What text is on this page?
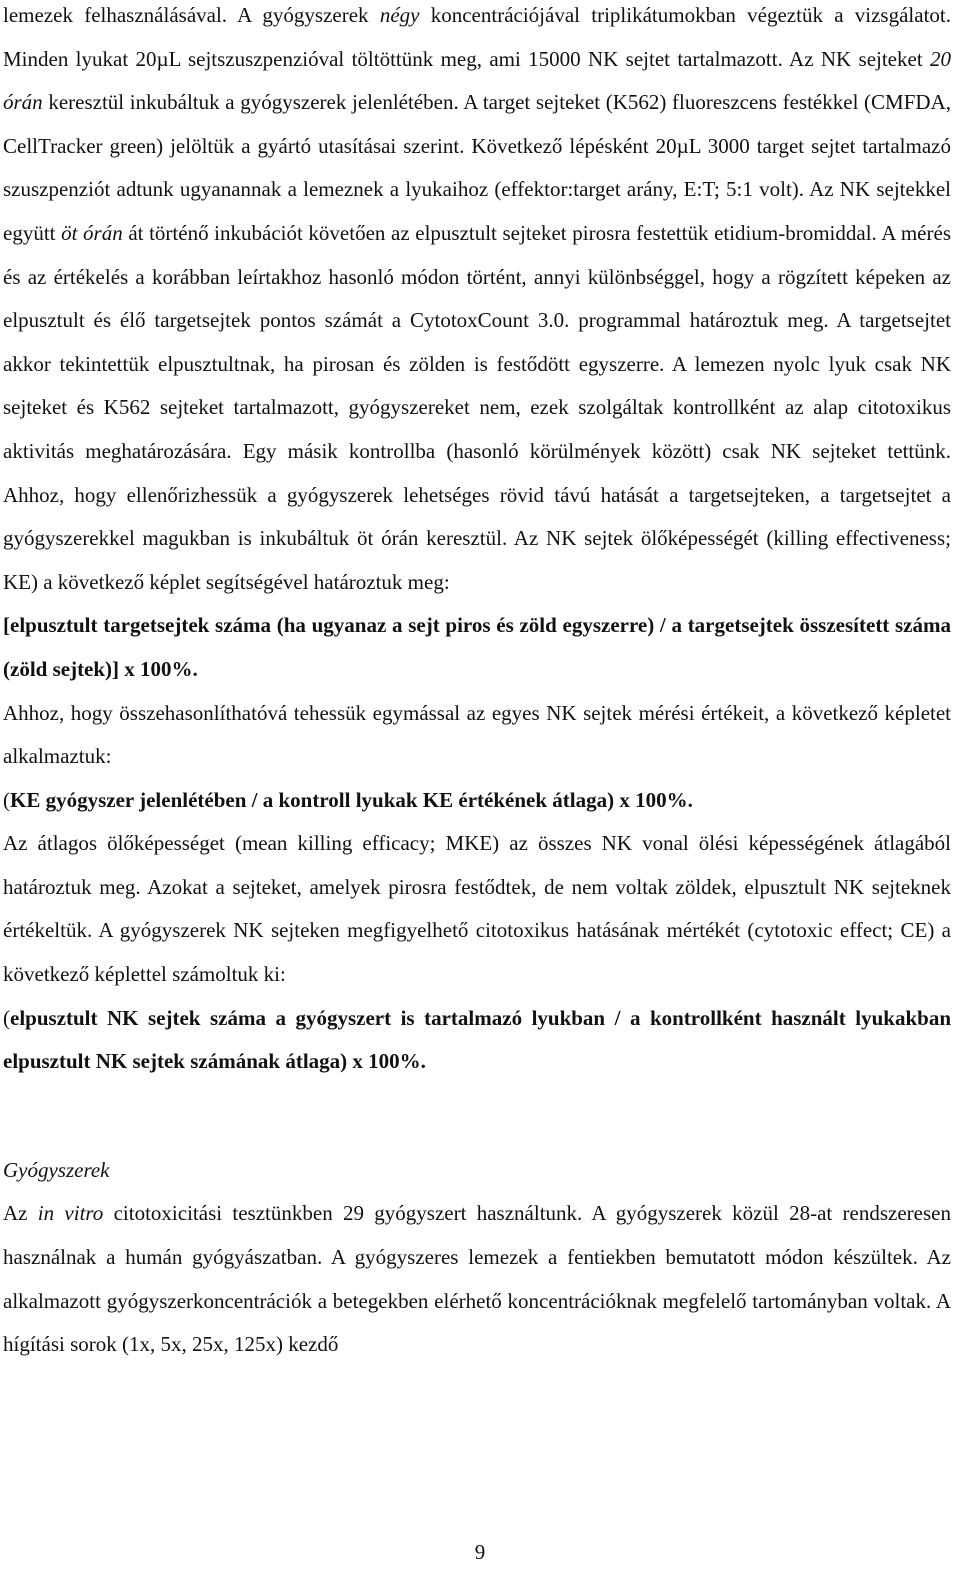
lemezek felhasználásával. A gyógyszerek négy koncentrációjával triplikátumokban végeztük a vizsgálatot. Minden lyukat 20µL sejtszuszpenzióval töltöttünk meg, ami 15000 NK sejtet tartalmazott. Az NK sejteket 20 órán keresztül inkubáltuk a gyógyszerek jelenlétében. A target sejteket (K562) fluoreszcens festékkel (CMFDA, CellTracker green) jelöltük a gyártó utasításai szerint. Következő lépésként 20µL 3000 target sejtet tartalmazó szuszpenziót adtunk ugyanannak a lemeznek a lyukaihoz (effektor:target arány, E:T; 5:1 volt). Az NK sejtekkel együtt öt órán át történő inkubációt követően az elpusztult sejteket pirosra festettük etidium-bromiddal. A mérés és az értékelés a korábban leírtakhoz hasonló módon történt, annyi különbséggel, hogy a rögzített képeken az elpusztult és élő targetsejtek pontos számát a CytotoxCount 3.0. programmal határoztuk meg. A targetsejtet akkor tekintettük elpusztultnak, ha pirosan és zölden is festődött egyszerre. A lemezen nyolc lyuk csak NK sejteket és K562 sejteket tartalmazott, gyógyszereket nem, ezek szolgáltak kontrollként az alap citotoxikus aktivitás meghatározására. Egy másik kontrollba (hasonló körülmények között) csak NK sejteket tettünk. Ahhoz, hogy ellenőrizhessük a gyógyszerek lehetséges rövid távú hatását a targetsejteken, a targetsejtet a gyógyszerekkel magukban is inkubáltuk öt órán keresztül. Az NK sejtek ölőképességét (killing effectiveness; KE) a következő képlet segítségével határoztuk meg:

[elpusztult targetsejtek száma (ha ugyanaz a sejt piros és zöld egyszerre) / a targetsejtek összesített száma (zöld sejtek)] x 100%.

Ahhoz, hogy összehasonlíthatóvá tehessük egymással az egyes NK sejtek mérési értékeit, a következő képletet alkalmaztuk:

(KE gyógyszer jelenlétében / a kontroll lyukak KE értékének átlaga) x 100%.

Az átlagos ölőképességet (mean killing efficacy; MKE) az összes NK vonal ölési képességének átlagából határoztuk meg. Azokat a sejteket, amelyek pirosra festődtek, de nem voltak zöldek, elpusztult NK sejteknek értékeltük. A gyógyszerek NK sejteken megfigyelhető citotoxikus hatásának mértékét (cytotoxic effect; CE) a következő képlettel számoltuk ki:

(elpusztult NK sejtek száma a gyógyszert is tartalmazó lyukban / a kontrollként használt lyukakban elpusztult NK sejtek számának átlaga) x 100%.

Gyógyszerek

Az in vitro citotoxicitási tesztünkben 29 gyógyszert használtunk. A gyógyszerek közül 28-at rendszeresen használnak a humán gyógyászatban. A gyógyszeres lemezek a fentiekben bemutatott módon készültek. Az alkalmazott gyógyszerkoncentrációk a betegekben elérhető koncentrációknak megfelelő tartományban voltak. A hígítási sorok (1x, 5x, 25x, 125x) kezdő

9
